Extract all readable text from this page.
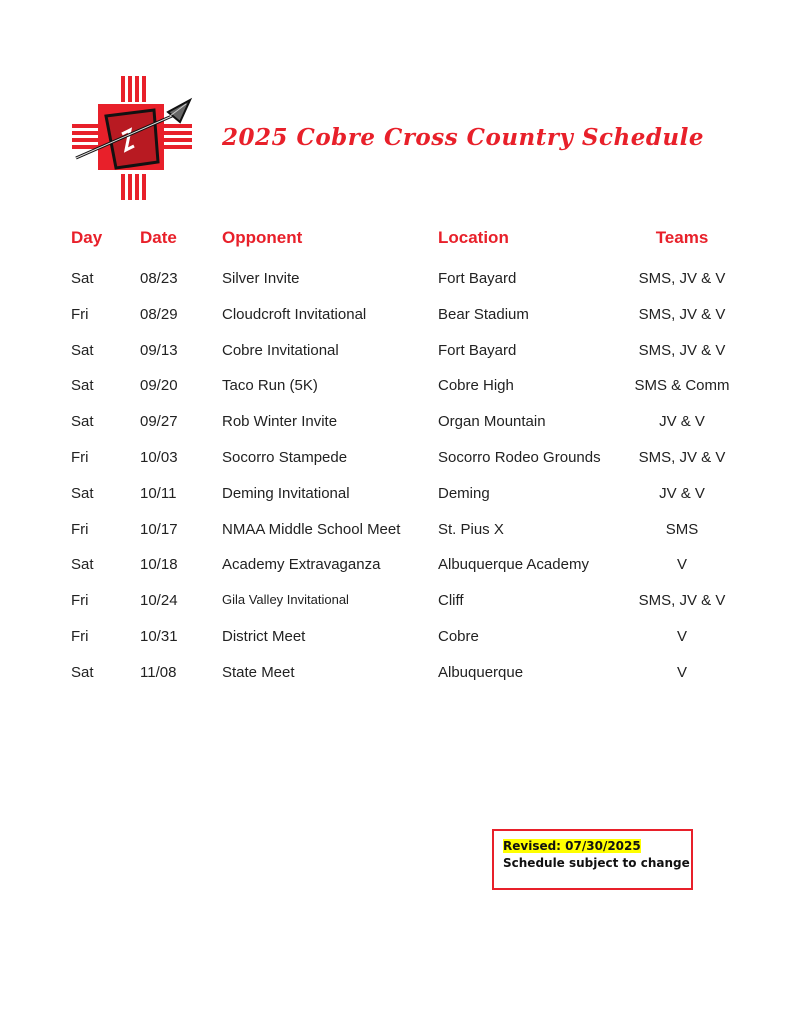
2025 Cobre Cross Country Schedule
Day Date	Opponent	Location	Teams
Sat	08/23	Silver Invite	Fort Bayard	SMS, JV & V
Fri	08/29	Cloudcroft Invitational	Bear Stadium	SMS, JV & V
Sat	09/13	Cobre Invitational	Fort Bayard	SMS, JV & V
Sat	09/20	Taco Run (5K)	Cobre High	SMS & Comm
Sat	09/27	Rob Winter Invite	Organ Mountain	JV & V
Fri	10/03	Socorro Stampede	Socorro Rodeo Grounds	SMS, JV & V
Sat	10/11	Deming Invitational	Deming	JV & V
Fri	10/17	NMAA Middle School Meet	St. Pius X	SMS
Sat	10/18	Academy Extravaganza	Albuquerque Academy	V
Fri	10/24	Gila Valley Invitational	Cliff	SMS, JV & V
Fri	10/31	District Meet	Cobre	V
Sat	11/08	State Meet	Albuquerque	V
Revised: 07/30/2025
Schedule subject to change
